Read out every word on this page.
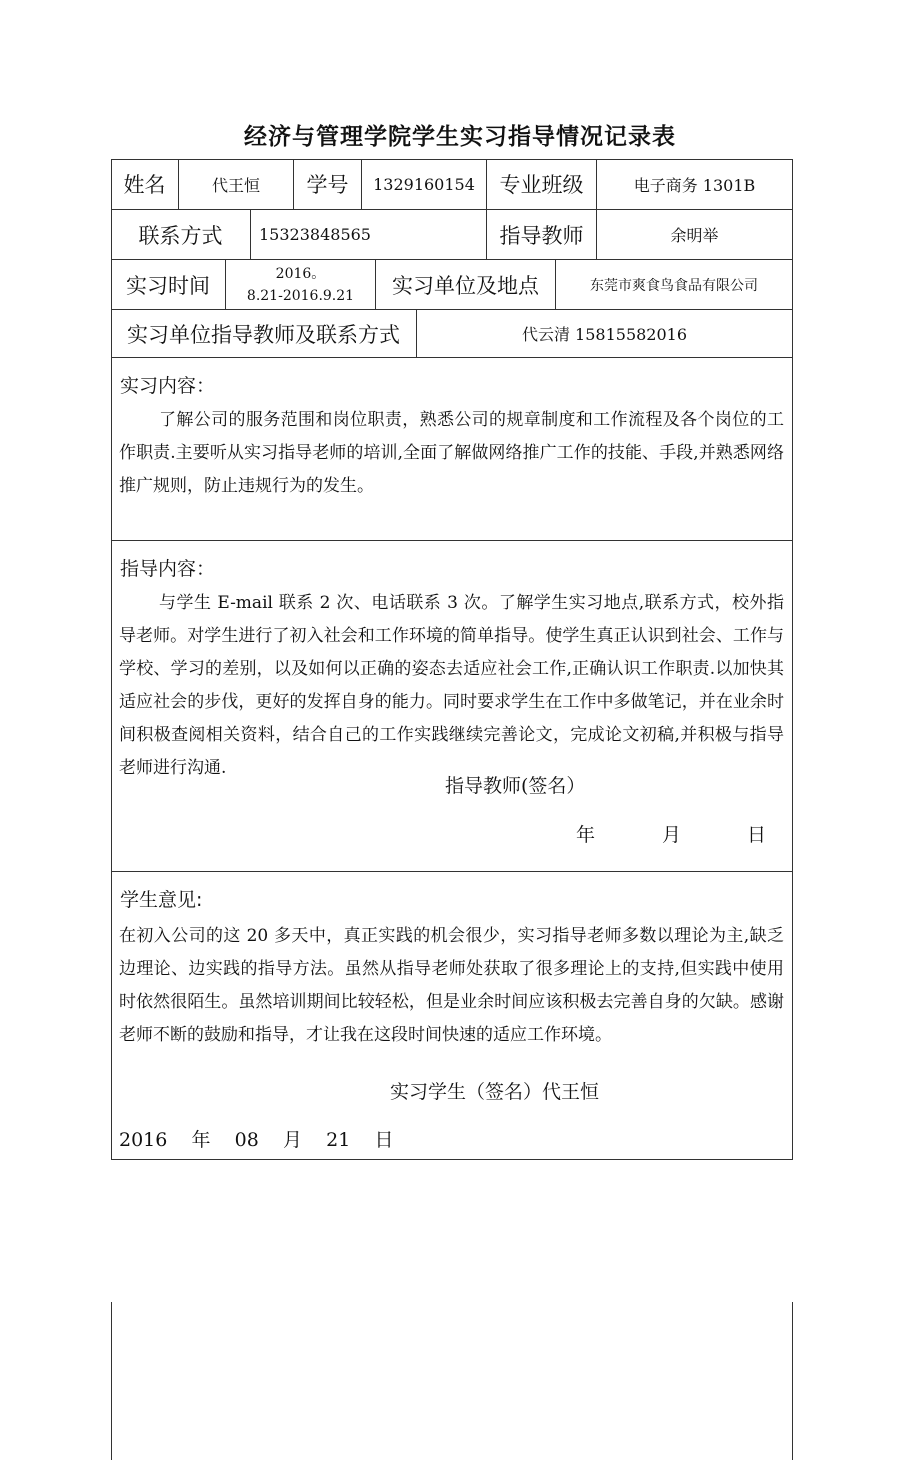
经济与管理学院学生实习指导情况记录表
姓名	代王恒	学号	1329160154	专业班级	电子商务 1301B
联系方式	15323848565	指导教师	余明举
实习时间	2016。
8.21-2016.9.21	实习单位及地点	东莞市爽食鸟食品有限公司
实习单位指导教师及联系方式	代云清 15815582016
实习内容：
了解公司的服务范围和岗位职责，熟悉公司的规章制度和工作流程及各个岗位的工作职责.主要听从实习指导老师的培训,全面了解做网络推广工作的技能、手段,并熟悉网络推广规则，防止违规行为的发生。
指导内容：
与学生 E-mail 联系 2 次、电话联系 3 次。了解学生实习地点,联系方式，校外指导老师。对学生进行了初入社会和工作环境的简单指导。使学生真正认识到社会、工作与学校、学习的差别，以及如何以正确的姿态去适应社会工作,正确认识工作职责.以加快其适应社会的步伐，更好的发挥自身的能力。同时要求学生在工作中多做笔记，并在业余时间积极查阅相关资料，结合自己的工作实践继续完善论文，完成论文初稿,并积极与指导老师进行沟通.
指导教师(签名）
年	月	日
学生意见:
在初入公司的这 20 多天中，真正实践的机会很少，实习指导老师多数以理论为主,缺乏边理论、边实践的指导方法。虽然从指导老师处获取了很多理论上的支持,但实践中使用时依然很陌生。虽然培训期间比较轻松，但是业余时间应该积极去完善自身的欠缺。感谢老师不断的鼓励和指导，才让我在这段时间快速的适应工作环境。
实习学生（签名）代王恒
2016    年    08    月    21    日
